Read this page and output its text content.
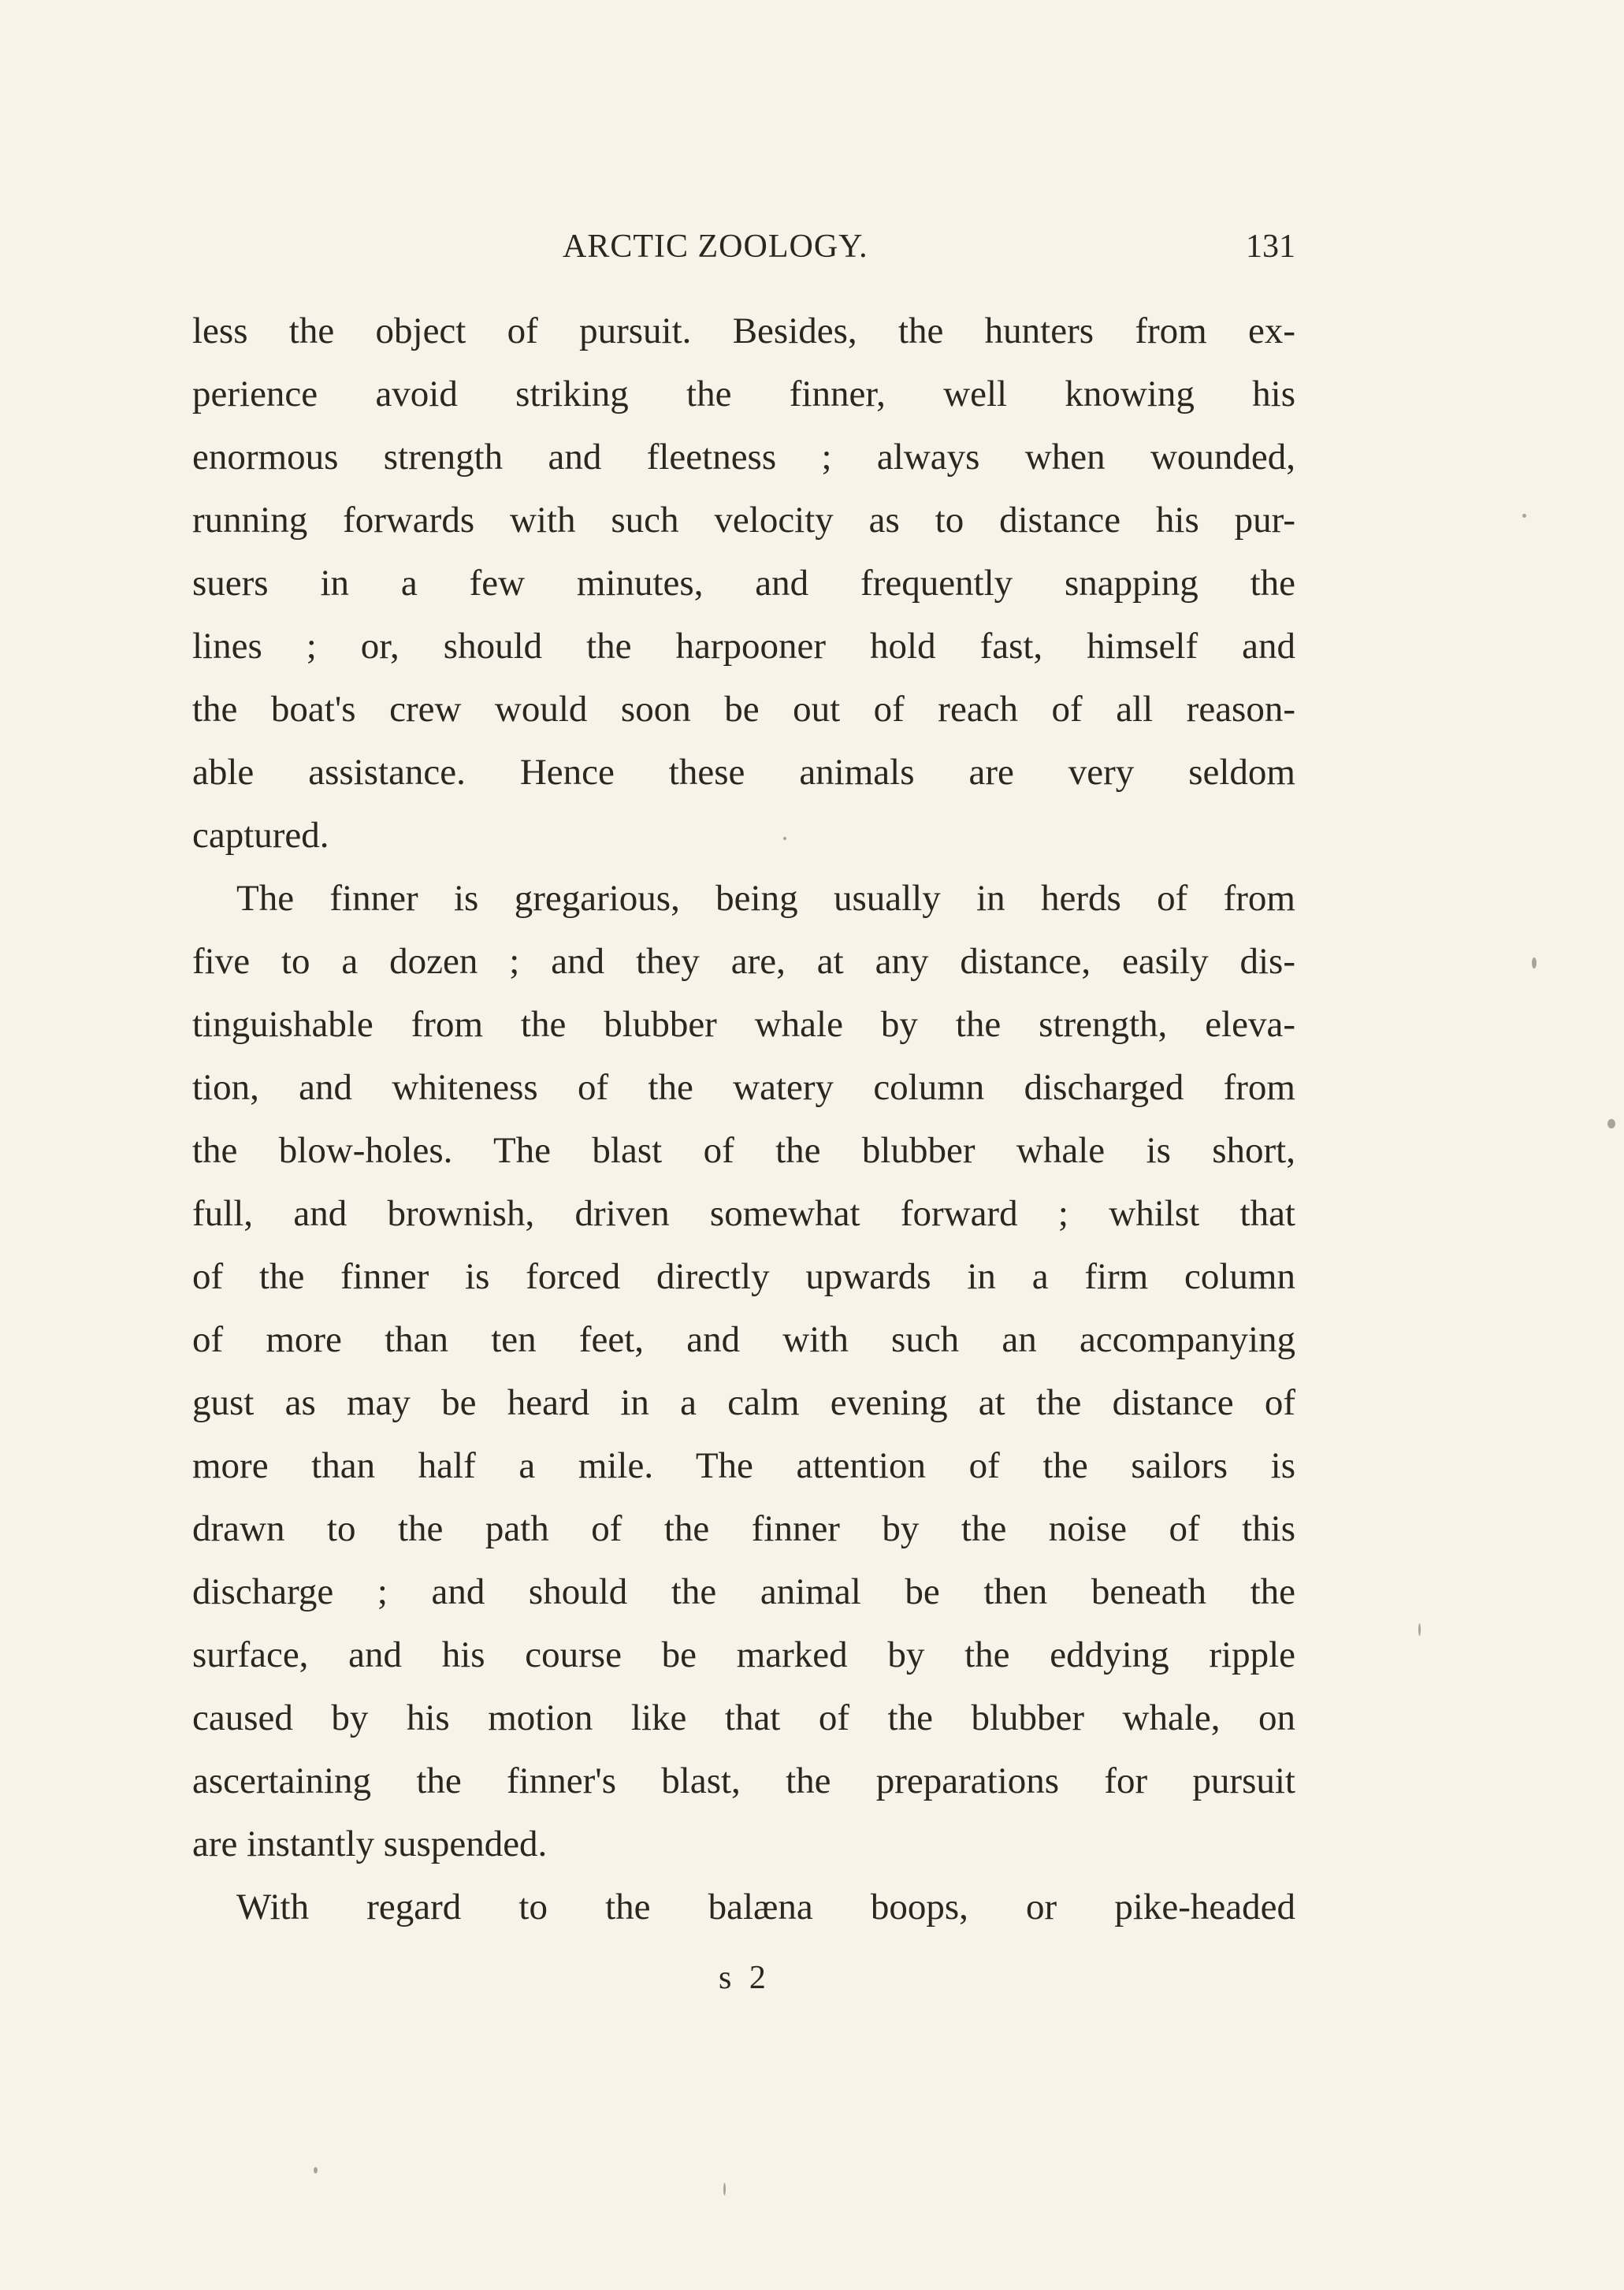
ARCTIC ZOOLOGY.	131
less the object of pursuit. Besides, the hunters from ex-
perience avoid striking the finner, well knowing his
enormous strength and fleetness ; always when wounded,
running forwards with such velocity as to distance his pur-
suers in a few minutes, and frequently snapping the
lines ; or, should the harpooner hold fast, himself and
the boat's crew would soon be out of reach of all reason-
able assistance. Hence these animals are very seldom
captured.
The finner is gregarious, being usually in herds of from
five to a dozen ; and they are, at any distance, easily dis-
tinguishable from the blubber whale by the strength, eleva-
tion, and whiteness of the watery column discharged from
the blow-holes. The blast of the blubber whale is short,
full, and brownish, driven somewhat forward ; whilst that
of the finner is forced directly upwards in a firm column
of more than ten feet, and with such an accompanying
gust as may be heard in a calm evening at the distance of
more than half a mile. The attention of the sailors is
drawn to the path of the finner by the noise of this
discharge ; and should the animal be then beneath the
surface, and his course be marked by the eddying ripple
caused by his motion like that of the blubber whale, on
ascertaining the finner's blast, the preparations for pursuit
are instantly suspended.
With regard to the balæna boops, or pike-headed
s 2
